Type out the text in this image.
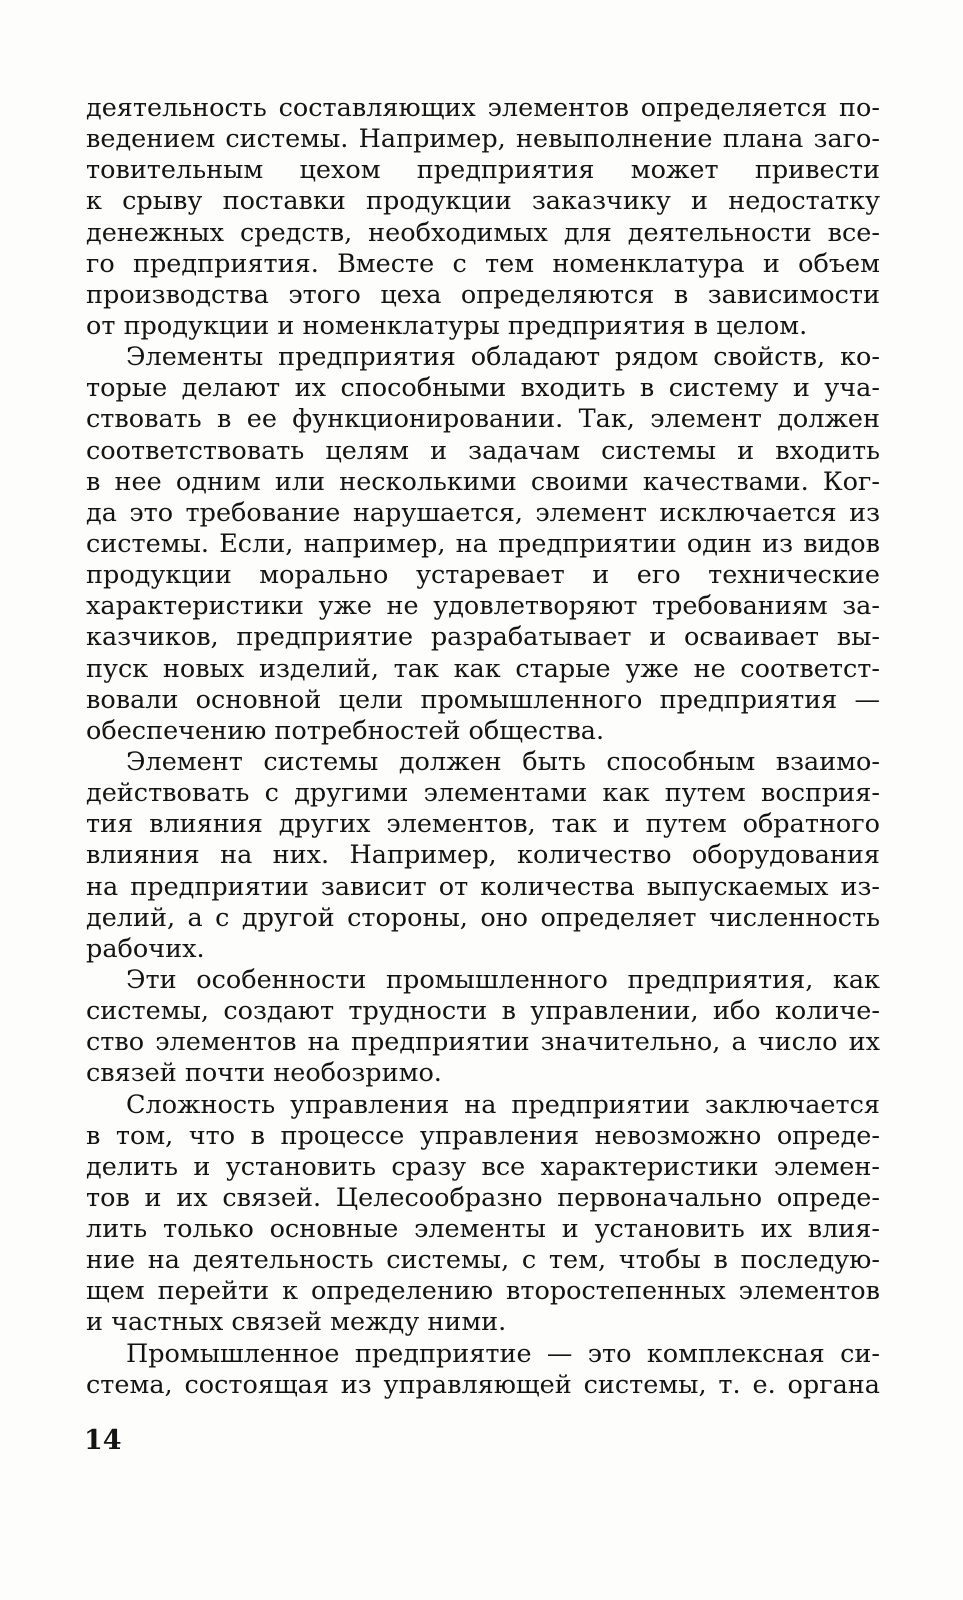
деятельность составляющих элементов определяется по-
ведением системы. Например, невыполнение плана заго-
товительным цехом предприятия может привести
к срыву поставки продукции заказчику и недостатку
денежных средств, необходимых для деятельности все-
го предприятия. Вместе с тем номенклатура и объем
производства этого цеха определяются в зависимости
от продукции и номенклатуры предприятия в целом.
Элементы предприятия обладают рядом свойств, ко-
торые делают их способными входить в систему и уча-
ствовать в ее функционировании. Так, элемент должен
соответствовать целям и задачам системы и входить
в нее одним или несколькими своими качествами. Ког-
да это требование нарушается, элемент исключается из
системы. Если, например, на предприятии один из видов
продукции морально устаревает и его технические
характеристики уже не удовлетворяют требованиям за-
казчиков, предприятие разрабатывает и осваивает вы-
пуск новых изделий, так как старые уже не соответст-
вовали основной цели промышленного предприятия —
обеспечению потребностей общества.
Элемент системы должен быть способным взаимо-
действовать с другими элементами как путем восприя-
тия влияния других элементов, так и путем обратного
влияния на них. Например, количество оборудования
на предприятии зависит от количества выпускаемых из-
делий, а с другой стороны, оно определяет численность
рабочих.
Эти особенности промышленного предприятия, как
системы, создают трудности в управлении, ибо количе-
ство элементов на предприятии значительно, а число их
связей почти необозримо.
Сложность управления на предприятии заключается
в том, что в процессе управления невозможно опреде-
делить и установить сразу все характеристики элемен-
тов и их связей. Целесообразно первоначально опреде-
лить только основные элементы и установить их влия-
ние на деятельность системы, с тем, чтобы в последую-
щем перейти к определению второстепенных элементов
и частных связей между ними.
Промышленное предприятие — это комплексная си-
стема, состоящая из управляющей системы, т. е. органа
14
